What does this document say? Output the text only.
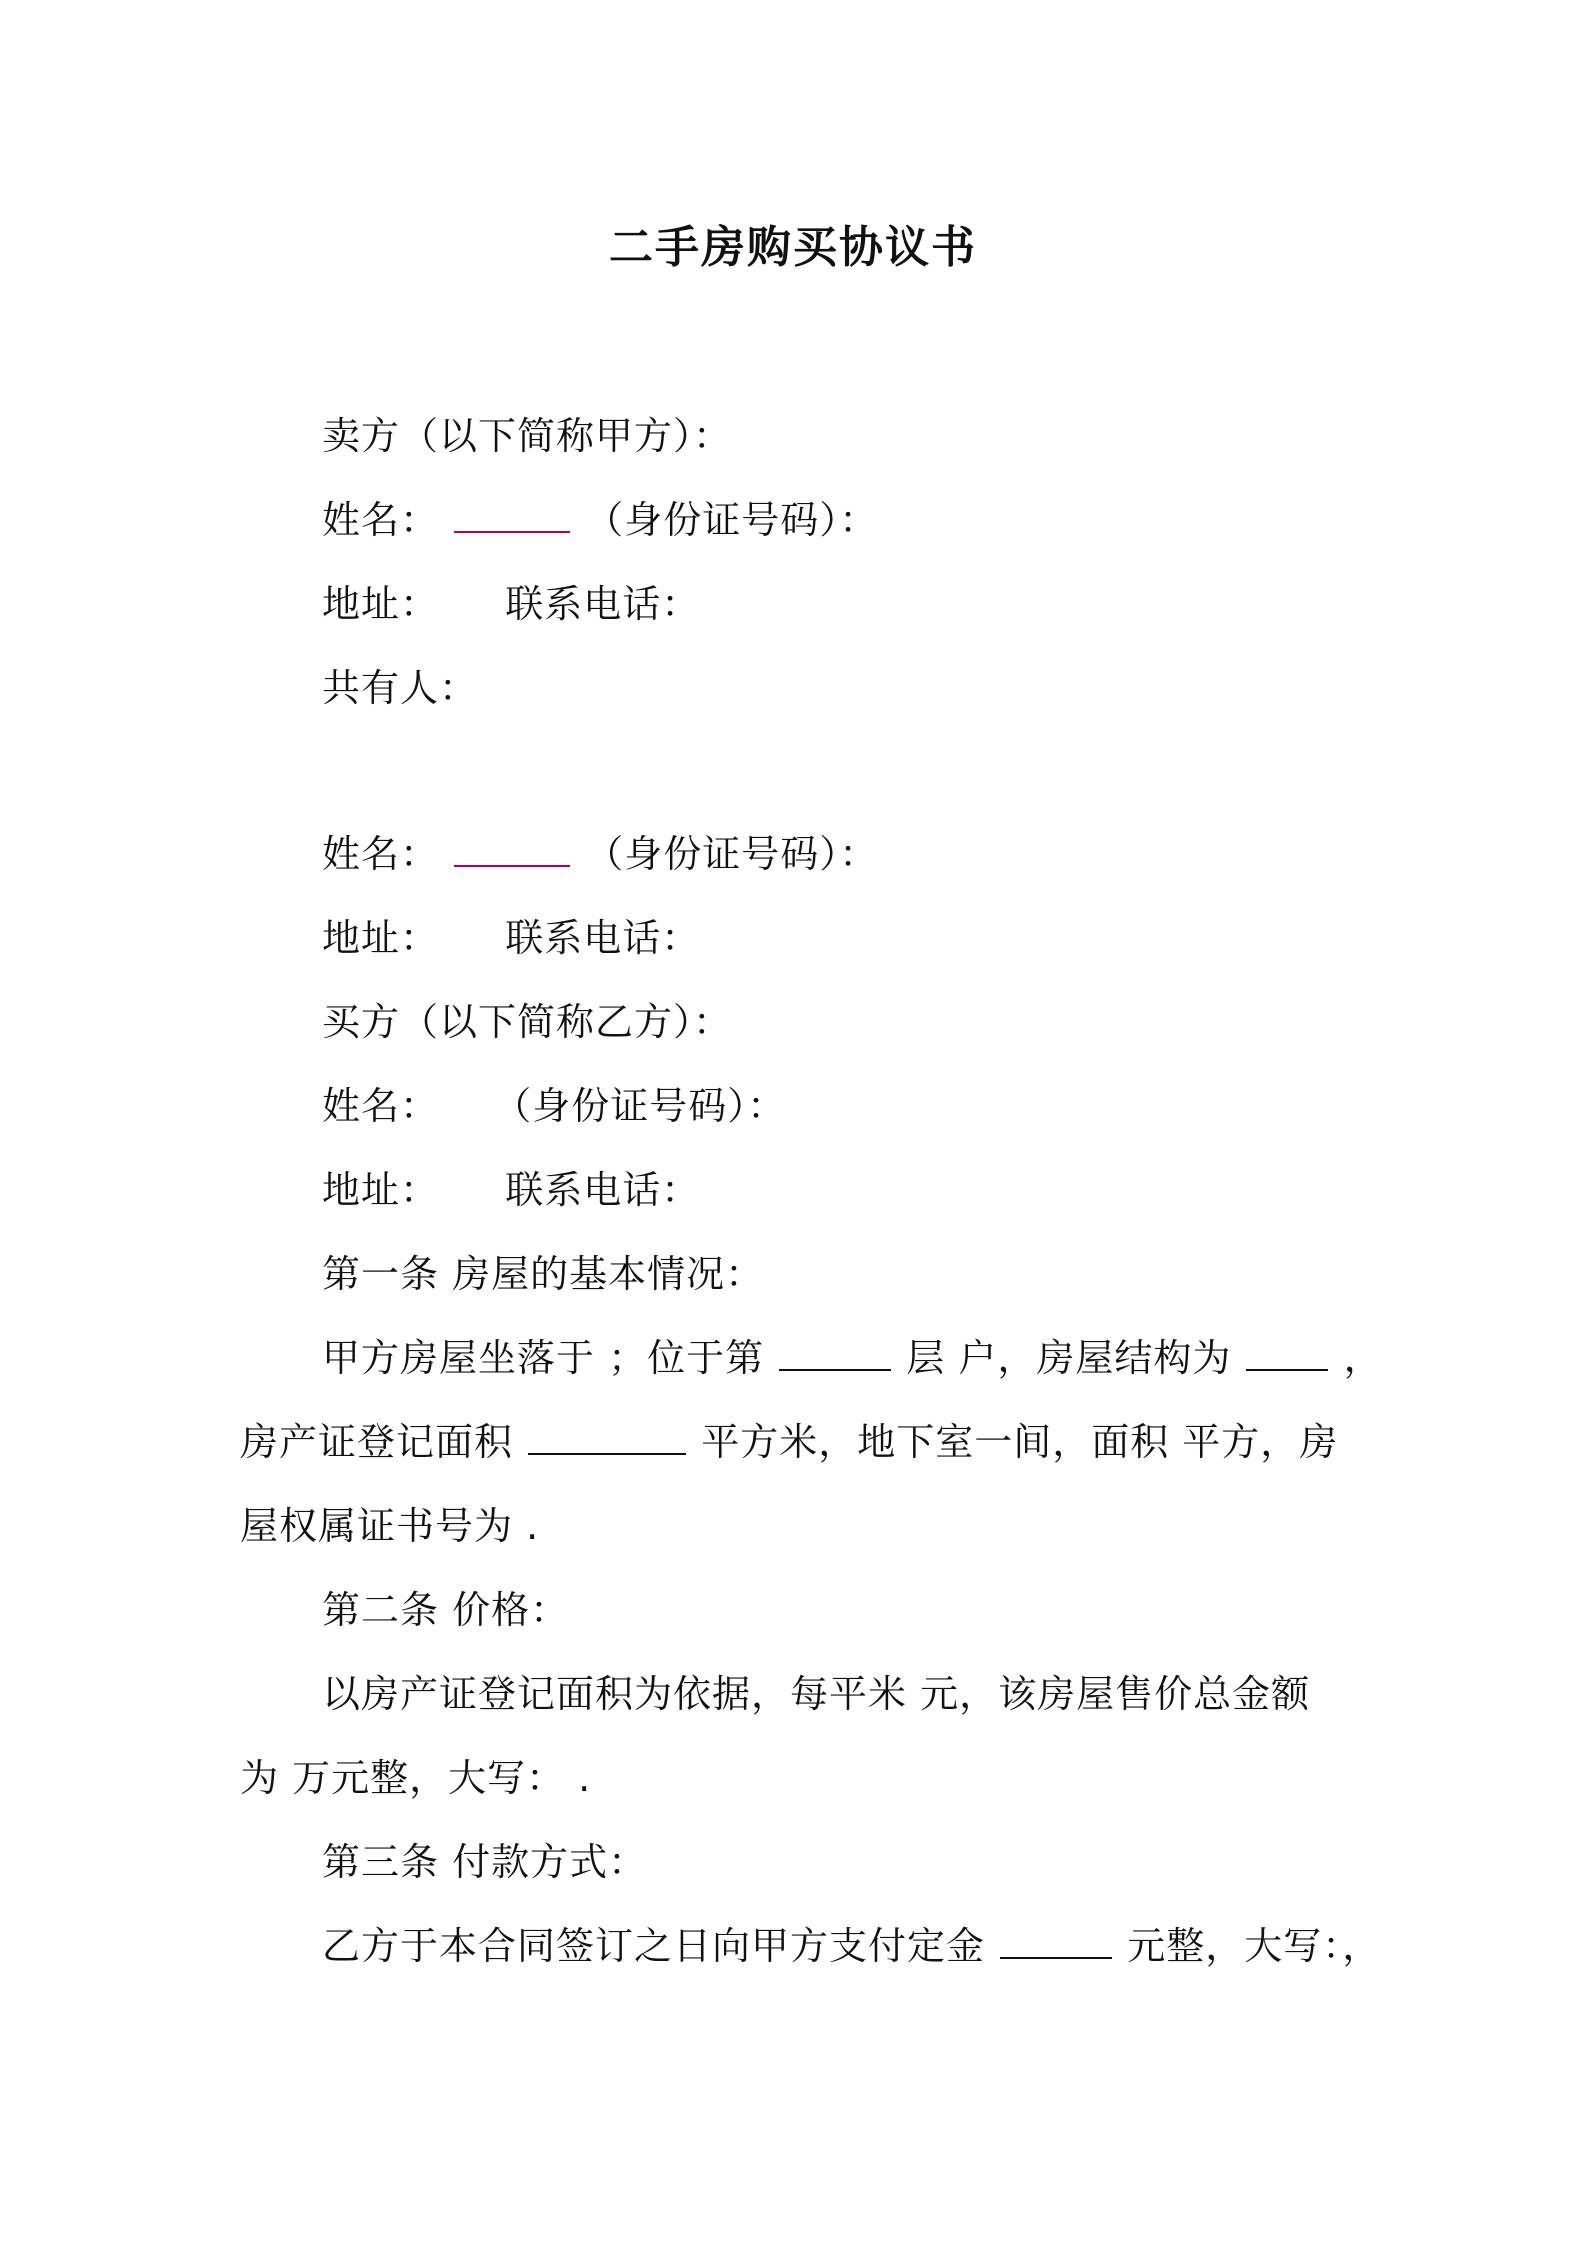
二手房购买协议书
卖方（以下简称甲方）：
姓名：	（身份证号码）：
地址： 联系电话：
共有人：
姓名：	（身份证号码）：
地址： 联系电话：
买方（以下简称乙方）：
姓名： （身份证号码）：
地址： 联系电话：
第一条 房屋的基本情况：
甲方房屋坐落于 ；位于第	层 户，房屋结构为	，
房产证登记面积	平方米，地下室一间，面积 平方，房
屋权属证书号为 .
第二条 价格：
以房产证登记面积为依据，每平米 元，该房屋售价总金额
为 万元整，大写： .
第三条 付款方式：
乙方于本合同签订之日向甲方支付定金	元整，大写：，
